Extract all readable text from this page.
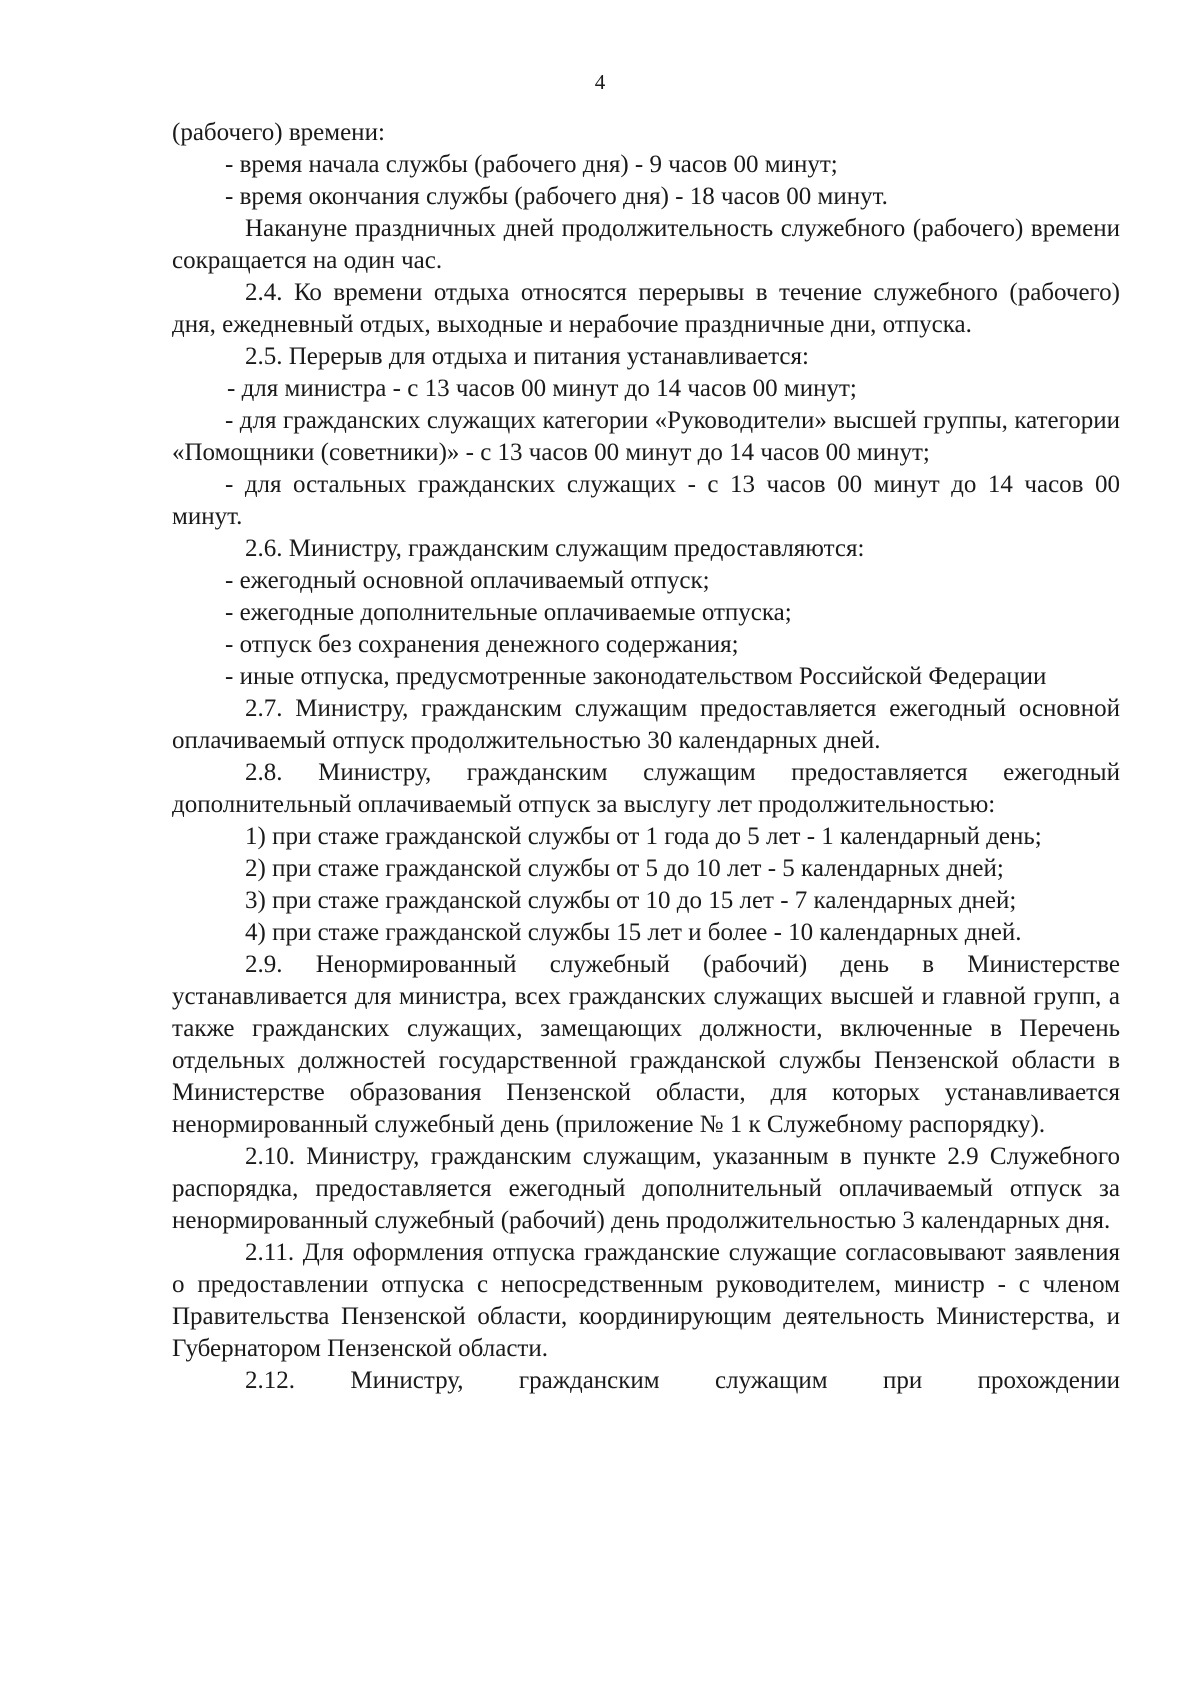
4

(рабочего) времени:

- время начала службы (рабочего дня) - 9 часов 00 минут;

- время окончания службы (рабочего дня) - 18 часов 00 минут.

Накануне праздничных дней продолжительность служебного (рабочего) времени сокращается на один час.

2.4. Ко времени отдыха относятся перерывы в течение служебного (рабочего) дня, ежедневный отдых, выходные и нерабочие праздничные дни, отпуска.

2.5. Перерыв для отдыха и питания устанавливается:

- для министра - с 13 часов 00 минут до 14 часов 00 минут;

- для гражданских служащих категории «Руководители» высшей группы, категории «Помощники (советники)» - с 13 часов 00 минут до 14 часов 00 минут;

- для остальных гражданских служащих - с 13 часов 00 минут до 14 часов 00 минут.

2.6. Министру, гражданским служащим предоставляются:

- ежегодный основной оплачиваемый отпуск;

- ежегодные дополнительные оплачиваемые отпуска;

- отпуск без сохранения денежного содержания;

- иные отпуска, предусмотренные законодательством Российской Федерации

2.7. Министру, гражданским служащим предоставляется ежегодный основной оплачиваемый отпуск продолжительностью 30 календарных дней.

2.8. Министру, гражданским служащим предоставляется ежегодный дополнительный оплачиваемый отпуск за выслугу лет продолжительностью:

1) при стаже гражданской службы от 1 года до 5 лет - 1 календарный день;

2) при стаже гражданской службы от 5 до 10 лет - 5 календарных дней;

3) при стаже гражданской службы от 10 до 15 лет - 7 календарных дней;

4) при стаже гражданской службы 15 лет и более - 10 календарных дней.

2.9. Ненормированный служебный (рабочий) день в Министерстве устанавливается для министра, всех гражданских служащих высшей и главной групп, а также гражданских служащих, замещающих должности, включенные в Перечень отдельных должностей государственной гражданской службы Пензенской области в Министерстве образования Пензенской области, для которых устанавливается ненормированный служебный день (приложение № 1 к Служебному распорядку).

2.10. Министру, гражданским служащим, указанным в пункте 2.9 Служебного распорядка, предоставляется ежегодный дополнительный оплачиваемый отпуск за ненормированный служебный (рабочий) день продолжительностью 3 календарных дня.

2.11. Для оформления отпуска гражданские служащие согласовывают заявления о предоставлении отпуска с непосредственным руководителем, министр - с членом Правительства Пензенской области, координирующим деятельность Министерства, и Губернатором Пензенской области.

2.12. Министру, гражданским служащим при прохождении
